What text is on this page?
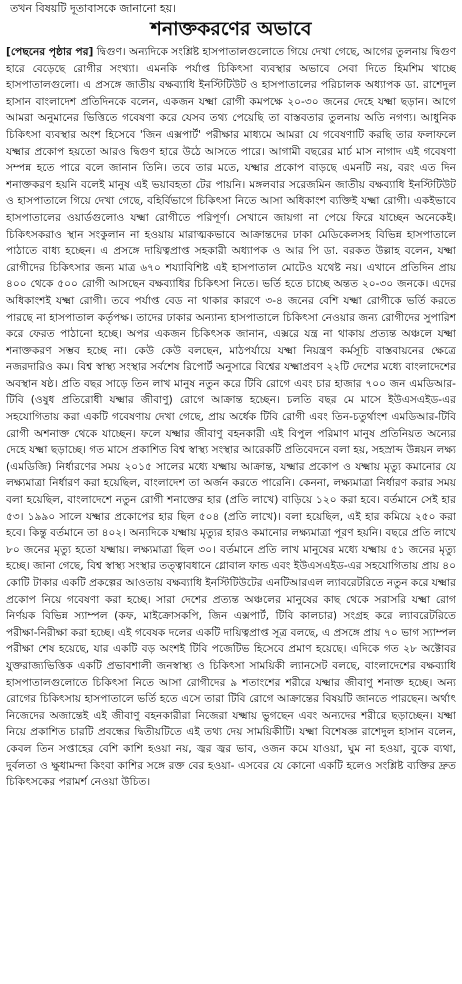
তখন বিষয়টি দূতাবাসকে জানানো হয়।
শনাক্তকরণের অভাবে

[পেছনের পৃষ্ঠার পর] দ্বিগুণ। অন্যদিকে সংশ্লিষ্ট হাসপাতালগুলোতে গিয়ে দেখা গেছে, আগের তুলনায় দ্বিগুণ হারে বেড়েছে রোগীর সংখ্যা। এমনকি পর্যাপ্ত চিকিৎসা ব্যবস্থার অভাবে সেবা দিতে হিমশিম খাচ্ছে হাসপাতালগুলো। এ প্রসঙ্গে জাতীয় বক্ষব্যাধি ইনস্টিটিউট ও হাসপাতালের পরিচালক অধ্যাপক ডা. রাশেদুল হাসান বাংলাদেশ প্রতিদিনকে বলেন, একজন যক্ষ্মা রোগী কমপক্ষে ২০-৩০ জনের দেহে যক্ষ্মা ছড়ান। আগে আমরা অনুমানের ভিত্তিতে গবেষণা করে যেসব তথ্য পেয়েছি তা বাস্তবতার তুলনায় অতি নগণ্য। আধুনিক চিকিৎসা ব্যবস্থার অংশ হিসেবে 'জিন এক্সপার্ট' পরীক্ষার মাধ্যমে আমরা যে গবেষণাটি করছি তার ফলাফলে যক্ষ্মার প্রকোপ হয়তো আরও দ্বিগুণ হারে উঠে আসতে পারে। আগামী বছরের মার্চ মাস নাগাদ এই গবেষণা সম্পন্ন হতে পারে বলে জানান তিনি। তবে তার মতে, যক্ষ্মার প্রকোপ বাড়ছে এমনটি নয়, বরং এত দিন শনাক্তকরণ হয়নি বলেই মানুষ এই ভয়াবহতা টের পায়নি। মঙ্গলবার সরেজমিন জাতীয় বক্ষব্যাধি ইনস্টিটিউট ও হাসপাতালে গিয়ে দেখা গেছে, বহির্বিভাগে চিকিৎসা নিতে আসা অধিকাংশ ব্যক্তিই যক্ষ্মা রোগী। একইভাবে হাসপাতালের ওয়ার্ডগুলোও যক্ষ্মা রোগীতে পরিপূর্ণ। সেখানে জায়গা না পেয়ে ফিরে যাচ্ছেন অনেকেই। চিকিৎসকরাও স্থান সংকুলান না হওয়ায় মারাত্মকভাবে আক্রান্তদের ঢাকা মেডিকেলসহ বিভিন্ন হাসপাতালে পাঠাতে বাধ্য হচ্ছেন। এ প্রসঙ্গে দায়িত্বপ্রাপ্ত সহকারী অধ্যাপক ও আর পি ডা. বরকত উল্লাহ বলেন, যক্ষ্মা রোগীদের চিকিৎসার জন্য মাত্র ৬৭০ শয্যাবিশিষ্ট এই হাসপাতাল মোটেও যথেষ্ট নয়। এখানে প্রতিদিন প্রায় ৪০০ থেকে ৫০০ রোগী আসছেন বক্ষব্যাধির চিকিৎসা নিতে। ভর্তি হতে চাচ্ছে অন্তত ২০-৩০ জনকে। এদের অধিকাংশই যক্ষ্মা রোগী। তবে পর্যাপ্ত বেড না থাকার কারণে ৩-৪ জনের বেশি যক্ষ্মা রোগীকে ভর্তি করতে পারছে না হাসপাতাল কর্তৃপক্ষ। তাদের ঢাকার অন্যান্য হাসপাতালে চিকিৎসা নেওয়ার জন্য রোগীদের সুপারিশ করে ফেরত পাঠানো হচ্ছে। অপর একজন চিকিৎসক জানান, এক্সরে যন্ত্র না থাকায় প্রত্যন্ত অঞ্চলে যক্ষ্মা শনাক্তকরণ সম্ভব হচ্ছে না। কেউ কেউ বলছেন, মাঠপর্যায়ে যক্ষ্মা নিয়ন্ত্রণ কর্মসূচি বাস্তবায়নের ক্ষেত্রে নজরদারিও কম। বিশ্ব স্বাস্থ্য সংস্থার সর্বশেষ রিপোর্ট অনুসারে বিশ্বের যক্ষ্মাপ্রবণ ২২টি দেশের মধ্যে বাংলাদেশের অবস্থান ষষ্ঠ। প্রতি বছর সাড়ে তিন লাখ মানুষ নতুন করে টিবি রোগে এবং চার হাজার ৭০০ জন এমডিআর-টিবি (ওষুধ প্রতিরোধী যক্ষ্মার জীবাণু) রোগে আক্রান্ত হচ্ছেন। চলতি বছর মে মাসে ইউএসএইড-এর সহযোগিতায় করা একটি গবেষণায় দেখা গেছে, প্রায় অর্ধেক টিবি রোগী এবং তিন-চতুর্থাংশ এমডিআর-টিবি রোগী অশনাক্ত থেকে যাচ্ছেন। ফলে যক্ষ্মার জীবাণু বহনকারী এই বিপুল পরিমাণ মানুষ প্রতিনিয়ত অন্যের দেহে যক্ষ্মা ছড়াচ্ছে। গত মাসে প্রকাশিত বিশ্ব স্বাস্থ্য সংস্থার আরেকটি প্রতিবেদনে বলা হয়, সহস্রাব্দ উন্নয়ন লক্ষ্য (এমডিজি) নির্ধারণের সময় ২০১৫ সালের মধ্যে যক্ষ্মায় আক্রান্ত, যক্ষ্মার প্রকোপ ও যক্ষ্মায় মৃত্যু কমানোর যে লক্ষ্যমাত্রা নির্ধারণ করা হয়েছিল, বাংলাদেশ তা অর্জন করতে পারেনি। কেননা, লক্ষ্যমাত্রা নির্ধারণ করার সময় বলা হয়েছিল, বাংলাদেশে নতুন রোগী শনাক্তের হার (প্রতি লাখে) বাড়িয়ে ১২০ করা হবে। বর্তমানে সেই হার ৫৩। ১৯৯০ সালে যক্ষ্মার প্রকোপের হার ছিল ৫০৪ (প্রতি লাখে)। বলা হয়েছিল, এই হার কমিয়ে ২৫০ করা হবে। কিন্তু বর্তমানে তা ৪০২। অন্যদিকে যক্ষ্মায় মৃত্যুর হারও কমানোর লক্ষ্যমাত্রা পূরণ হয়নি। বছরে প্রতি লাখে ৮০ জনের মৃত্যু হতো যক্ষ্মায়। লক্ষ্যমাত্রা ছিল ৩০। বর্তমানে প্রতি লাখ মানুষের মধ্যে যক্ষ্মায় ৫১ জনের মৃত্যু হচ্ছে। জানা গেছে, বিশ্ব স্বাস্থ্য সংস্থার তত্ত্বাবধানে গ্লোবাল ফান্ড এবং ইউএসএইড-এর সহযোগিতায় প্রায় ৪০ কোটি টাকার একটি প্রকল্পের আওতায় বক্ষব্যাধি ইনস্টিটিউটের এনটিআরএল ল্যাবরেটরিতে নতুন করে যক্ষ্মার প্রকোপ নিয়ে গবেষণা করা হচ্ছে। সারা দেশের প্রত্যন্ত অঞ্চলের মানুষের কাছ থেকে সরাসরি যক্ষ্মা রোগ নির্ণয়ক বিভিন্ন স্যাম্পল (কফ, মাইক্রোসকপি, জিন এক্সপার্ট, টিবি কালচার) সংগ্রহ করে ল্যাবরেটরিতে পরীক্ষা-নিরীক্ষা করা হচ্ছে। এই গবেষক দলের একটি দায়িত্বপ্রাপ্ত সূত্র বলছে, এ প্রসঙ্গে প্রায় ৭০ ভাগ স্যাম্পল পরীক্ষা শেষ হয়েছে, যার একটি বড় অংশই টিবি পজেটিভ হিসেবে প্রমাণ হয়েছে। এদিকে গত ২৮ অক্টোবর যুক্তরাজ্যভিত্তিক একটি প্রভাবশালী জনস্বাস্থ্য ও চিকিৎসা সাময়িকী ল্যানসেট বলছে, বাংলাদেশের বক্ষব্যাধি হাসপাতালগুলোতে চিকিৎসা নিতে আসা রোগীদের ৯ শতাংশের শরীরে যক্ষ্মার জীবাণু শনাক্ত হচ্ছে। অন্য রোগের চিকিৎসায় হাসপাতালে ভর্তি হতে এসে তারা টিবি রোগে আক্রান্তের বিষয়টি জানতে পারছেন। অর্থাৎ নিজেদের অজান্তেই এই জীবাণু বহনকারীরা নিজেরা যক্ষ্মায় ভুগছেন এবং অন্যদের শরীরে ছড়াচ্ছেন। যক্ষ্মা নিয়ে প্রকাশিত চারটি প্রবন্ধের দ্বিতীয়টিতে এই তথ্য দেয় সাময়িকীটি। যক্ষ্মা বিশেষজ্ঞ রাশেদুল হাসান বলেন, কেবল তিন সপ্তাহের বেশি কাশি হওয়া নয়, জ্বর জ্বর ভাব, ওজন কমে যাওয়া, ঘুম না হওয়া, বুকে ব্যথা, দুর্বলতা ও ক্ষুধামন্দা কিংবা কাশির সঙ্গে রক্ত বের হওয়া- এসবের যে কোনো একটি হলেও সংশ্লিষ্ট ব্যক্তির দ্রুত চিকিৎসকের পরামর্শ নেওয়া উচিত।
